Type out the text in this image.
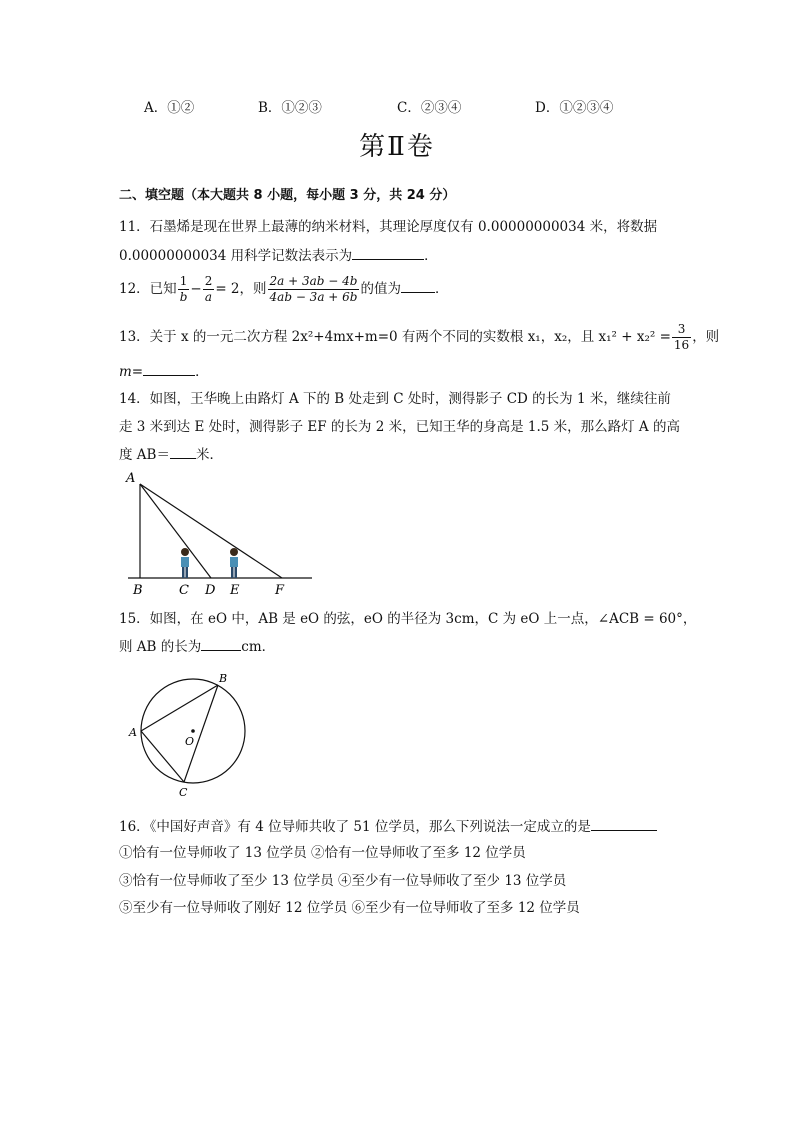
A．①②	B．①②③	C．②③④	D．①②③④
第Ⅱ卷
二、填空题（本大题共 8 小题，每小题 3 分，共 24 分）
11．石墨烯是现在世界上最薄的纳米材料，其理论厚度仅有 0.00000000034 米，将数据
0.00000000034 用科学记数法表示为	．
12．已知 $\frac{1}{b} - \frac{2}{a} = 2$，则 $\frac{2a + 3ab - 4b}{4ab - 3a + 6b}$ 的值为	．
13．关于 x 的一元二次方程 2x²+4mx+m=0 有两个不同的实数根 x₁，x₂，且 $x_1^2 + x_2^2 = \frac{3}{16}$ ，则
m=	．
14．如图，王华晚上由路灯 A 下的 B 处走到 C 处时，测得影子 CD 的长为 1 米，继续往前
走 3 米到达 E 处时，测得影子 EF 的长为 2 米，已知王华的身高是 1.5 米，那么路灯 A 的高
度 AB＝ 米．
A
B	C D E	F
15．如图，在 eO 中，AB 是 eO 的弦，eO 的半径为 3cm，C 为 eO 上一点，∠ACB = 60°，
则 AB 的长为	cm．
A
B
C
O
16．《中国好声音》有 4 位导师共收了 51 位学员，那么下列说法一定成立的是
①恰有一位导师收了 13 位学员 ②恰有一位导师收了至多 12 位学员
③恰有一位导师收了至少 13 位学员 ④至少有一位导师收了至少 13 位学员
⑤至少有一位导师收了刚好 12 位学员 ⑥至少有一位导师收了至多 12 位学员
